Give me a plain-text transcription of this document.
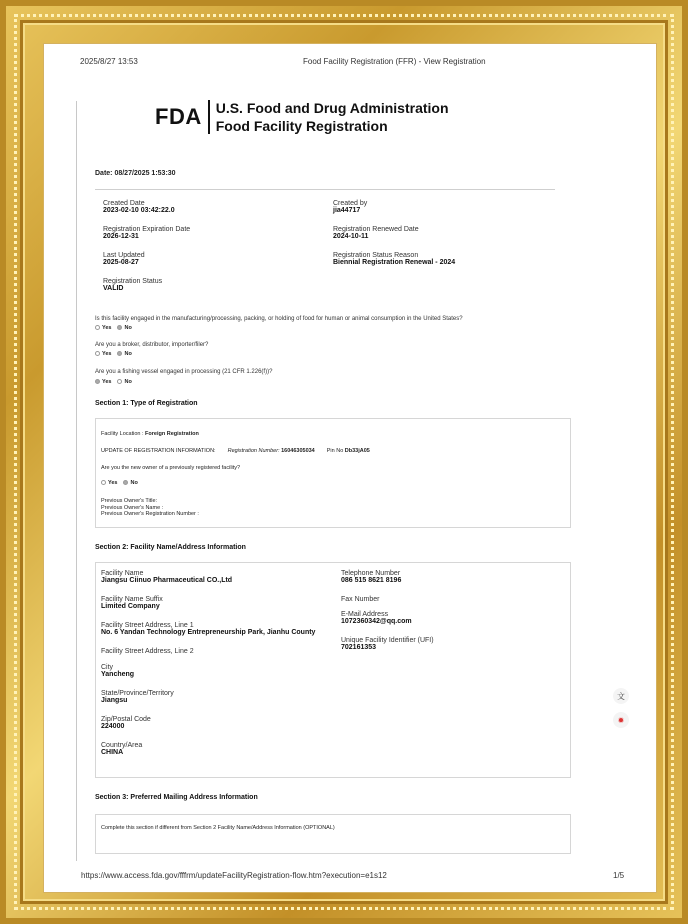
2025/8/27 13:53	Food Facility Registration (FFR) - View Registration
FDA	U.S. Food and Drug Administration
Food Facility Registration
Date: 08/27/2025 1:53:30
Created Date
2023-02-10 03:42:22.0
Created by
jia44717
Registration Expiration Date
2026-12-31
Registration Renewed Date
2024-10-11
Last Updated
2025-08-27
Registration Status Reason
Biennial Registration Renewal - 2024
Registration Status
VALID
Is this facility engaged in the manufacturing/processing, packing, or holding of food for human or animal consumption in the United States?
Yes	No
Are you a broker, distributor, importer/filer?
Yes	No
Are you a fishing vessel engaged in processing (21 CFR 1.226(f))?
Yes	No
Section 1: Type of Registration
Facility Location : Foreign Registration
UPDATE OF REGISTRATION INFORMATION: Registration Number: 16046305034 Pin No Db33jA05
Are you the new owner of a previously registered facility?
Yes	No
Previous Owner's Title:
Previous Owner's Name :
Previous Owner's Registration Number :
Section 2: Facility Name/Address Information
Facility Name
Jiangsu Ciinuo Pharmaceutical CO.,Ltd
Facility Name Suffix
Limited Company
Facility Street Address, Line 1
No. 6 Yandan Technology Entrepreneurship Park, Jianhu County
Facility Street Address, Line 2
City
Yancheng
State/Province/Territory
Jiangsu
Zip/Postal Code
224000
Country/Area
CHINA
Telephone Number
086 515 8621 8196
Fax Number
E-Mail Address
1072360342@qq.com
Unique Facility Identifier (UFI)
702161353
Section 3: Preferred Mailing Address Information
Complete this section if different from Section 2 Facility Name/Address Information (OPTIONAL)
文
✹
https://www.access.fda.gov/fffrm/updateFacilityRegistration-flow.htm?execution=e1s12	1/5
